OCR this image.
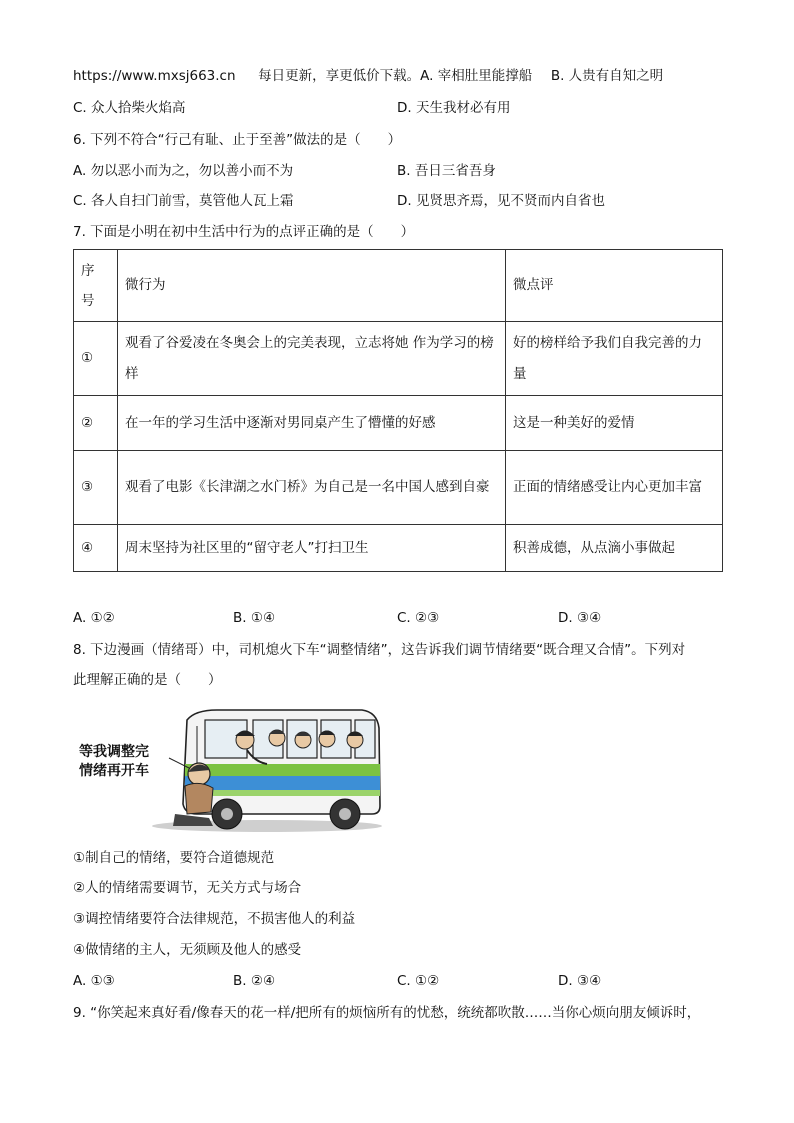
https://www.mxsj663.cn 每日更新，享更低价下载。A. 宰相肚里能撑船 B. 人贵有自知之明
C. 众人拾柴火焰高	D. 天生我材必有用
6. 下列不符合“行己有耻、止于至善”做法的是（　　）
A. 勿以恶小而为之，勿以善小而不为	B. 吾日三省吾身
C. 各人自扫门前雪，莫管他人瓦上霜	D. 见贤思齐焉，见不贤而内自省也
7. 下面是小明在初中生活中行为的点评正确的是（　　）
序号	微行为	微点评
①	观看了谷爱凌在冬奥会上的完美表现，立志将她 作为学习的榜样	好的榜样给予我们自我完善的力量
②	在一年的学习生活中逐渐对男同桌产生了懵懂的好感	这是一种美好的爱情
③	观看了电影《长津湖之水门桥》为自己是一名中国人感到自豪	正面的情绪感受让内心更加丰富
④	周末坚持为社区里的“留守老人”打扫卫生	积善成德，从点滴小事做起
A. ①②	B. ①④	C. ②③	D. ③④
8. 下边漫画（情绪哥）中，司机熄火下车“调整情绪”，这告诉我们调节情绪要“既合理又合情”。下列对
此理解正确的是（　　）
等我调整完
情绪再开车
①制自己的情绪，要符合道德规范
②人的情绪需要调节，无关方式与场合
③调控情绪要符合法律规范，不损害他人的利益
④做情绪的主人，无须顾及他人的感受
A. ①③	B. ②④	C. ①②	D. ③④
9. “你笑起来真好看/像春天的花一样/把所有的烦恼所有的忧愁，统统都吹散……当你心烦向朋友倾诉时，
